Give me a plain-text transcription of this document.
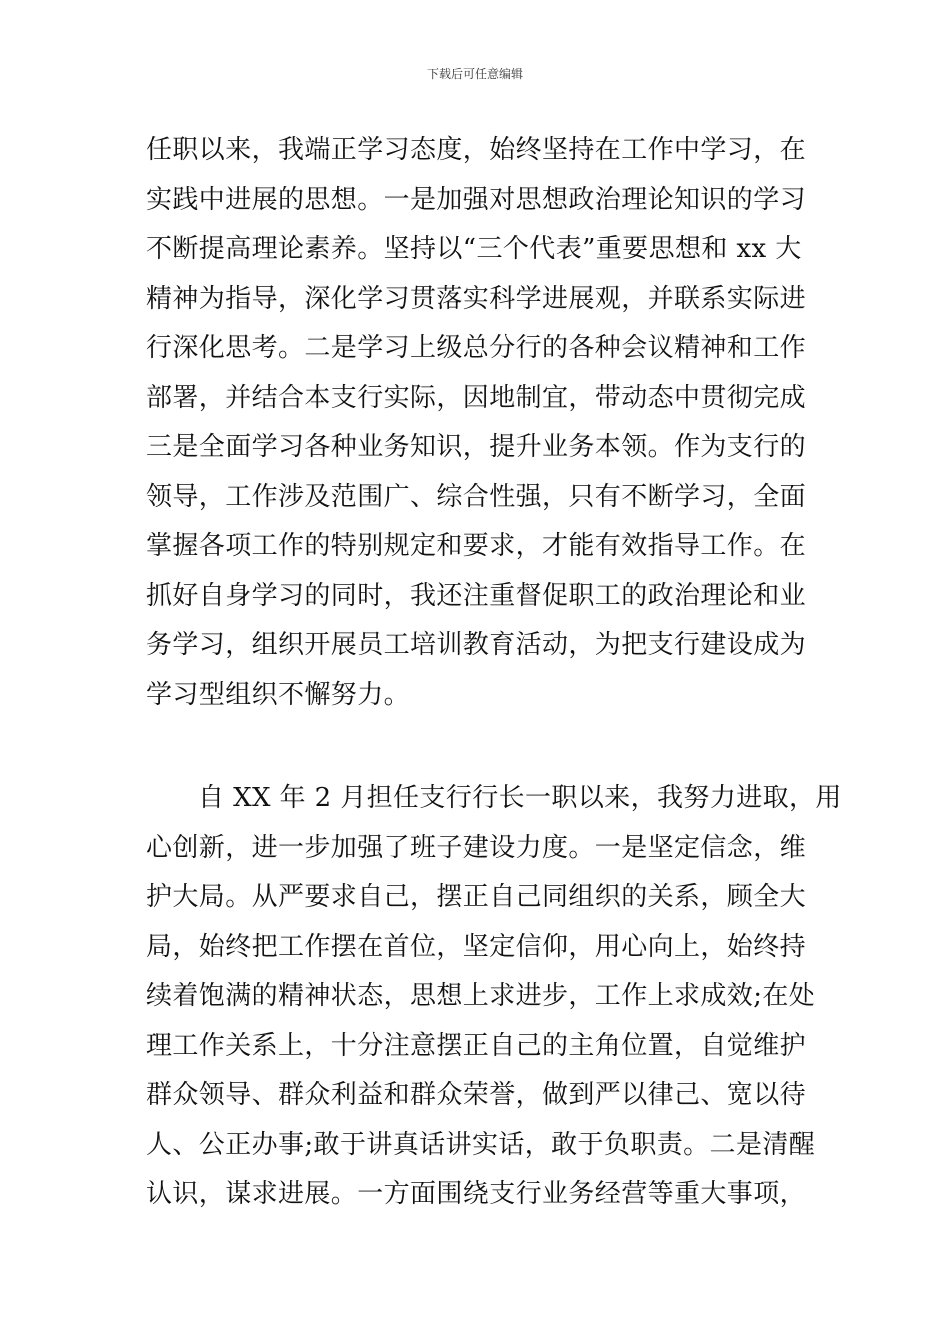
下载后可任意编辑
任职以来，我端正学习态度，始终坚持在工作中学习，在
实践中进展的思想。一是加强对思想政治理论知识的学习
不断提高理论素养。坚持以“三个代表”重要思想和 xx 大
精神为指导，深化学习贯落实科学进展观，并联系实际进
行深化思考。二是学习上级总分行的各种会议精神和工作
部署，并结合本支行实际，因地制宜，带动态中贯彻完成
三是全面学习各种业务知识，提升业务本领。作为支行的
领导，工作涉及范围广、综合性强，只有不断学习，全面
掌握各项工作的特别规定和要求，才能有效指导工作。在
抓好自身学习的同时，我还注重督促职工的政治理论和业
务学习，组织开展员工培训教育活动，为把支行建设成为
学习型组织不懈努力。
自 XX 年 2 月担任支行行长一职以来，我努力进取，用
心创新，进一步加强了班子建设力度。一是坚定信念，维
护大局。从严要求自己，摆正自己同组织的关系，顾全大
局，始终把工作摆在首位，坚定信仰，用心向上，始终持
续着饱满的精神状态，思想上求进步，工作上求成效;在处
理工作关系上，十分注意摆正自己的主角位置，自觉维护
群众领导、群众利益和群众荣誉，做到严以律己、宽以待
人、公正办事;敢于讲真话讲实话，敢于负职责。二是清醒
认识，谋求进展。一方面围绕支行业务经营等重大事项，
